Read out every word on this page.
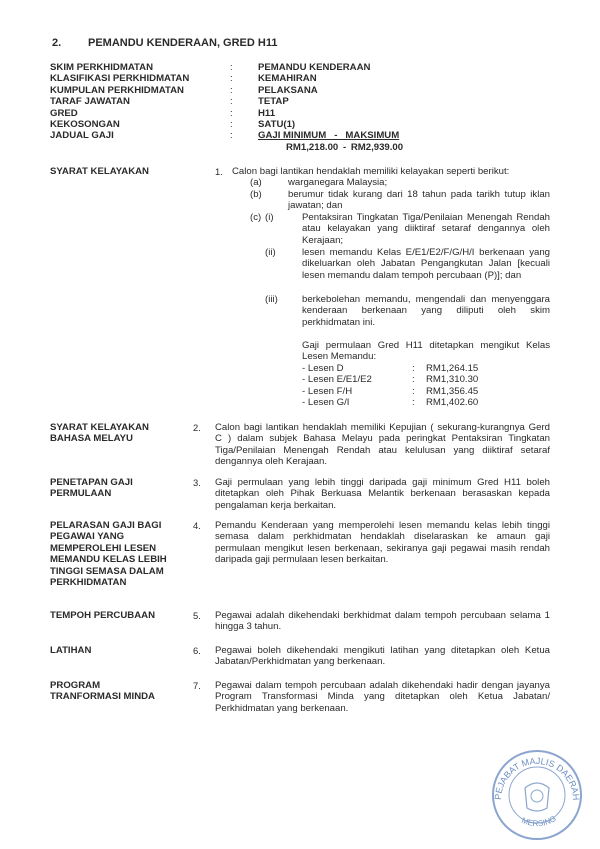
2. PEMANDU KENDERAAN, GRED H11
SKIM PERKHIDMATAN	:	PEMANDU KENDERAAN
KLASIFIKASI PERKHIDMATAN	:	KEMAHIRAN
KUMPULAN PERKHIDMATAN	:	PELAKSANA
TARAF JAWATAN	:	TETAP
GRED	:	H11
KEKOSONGAN	:	SATU(1)
JADUAL GAJI	:	GAJI MINIMUM   -   MAKSIMUM
RM1,218.00 - RM2,939.00
SYARAT KELAYAKAN	1. Calon bagi lantikan hendaklah memiliki kelayakan seperti berikut:
(a)	warganegara Malaysia;
(b)	berumur tidak kurang dari 18 tahun pada tarikh tutup iklan jawatan; dan
(c) (i)	Pentaksiran Tingkatan Tiga/Penilaian Menengah Rendah atau kelayakan yang diiktiraf setaraf dengannya oleh Kerajaan;
(ii)	lesen memandu Kelas E/E1/E2/F/G/H/I berkenaan yang dikeluarkan oleh Jabatan Pengangkutan Jalan [kecuali lesen memandu dalam tempoh percubaan (P)]; dan
(iii)	berkebolehan memandu, mengendali dan menyenggara kenderaan berkenaan yang diliputi oleh skim perkhidmatan ini.
Gaji permulaan Gred H11 ditetapkan mengikut Kelas Lesen Memandu:
- Lesen D	:	RM1,264.15
- Lesen E/E1/E2	:	RM1,310.30
- Lesen F/H	:	RM1,356.45
- Lesen G/I	:	RM1,402.60
SYARAT KELAYAKAN
BAHASA MELAYU
2. Calon bagi lantikan hendaklah memiliki Kepujian ( sekurang-kurangnya Gerd C ) dalam subjek Bahasa Melayu pada peringkat Pentaksiran Tingkatan Tiga/Penilaian Menengah Rendah atau kelulusan yang diiktiraf setaraf dengannya oleh Kerajaan.
PENETAPAN GAJI
PERMULAAN
3. Gaji permulaan yang lebih tinggi daripada gaji minimum Gred H11 boleh ditetapkan oleh Pihak Berkuasa Melantik berkenaan berasaskan kepada pengalaman kerja berkaitan.
PELARASAN GAJI BAGI
PEGAWAI YANG
MEMPEROLEHI LESEN
MEMANDU KELAS LEBIH
TINGGI SEMASA DALAM
PERKHIDMATAN
4. Pemandu Kenderaan yang memperolehi lesen memandu kelas lebih tinggi semasa dalam perkhidmatan hendaklah diselaraskan ke amaun gaji permulaan mengikut lesen berkenaan, sekiranya gaji pegawai masih rendah daripada gaji permulaan lesen berkaitan.
TEMPOH PERCUBAAN	5. Pegawai adalah dikehendaki berkhidmat dalam tempoh percubaan selama 1 hingga 3 tahun.
LATIHAN	6. Pegawai boleh dikehendaki mengikuti latihan yang ditetapkan oleh Ketua Jabatan/Perkhidmatan yang berkenaan.
PROGRAM
TRANFORMASI MINDA
7. Pegawai dalam tempoh percubaan adalah dikehendaki hadir dengan jayanya Program Transformasi Minda yang ditetapkan oleh Ketua Jabatan/ Perkhidmatan yang berkenaan.
PEJABAT MAJLIS DAERAH
MERSING
